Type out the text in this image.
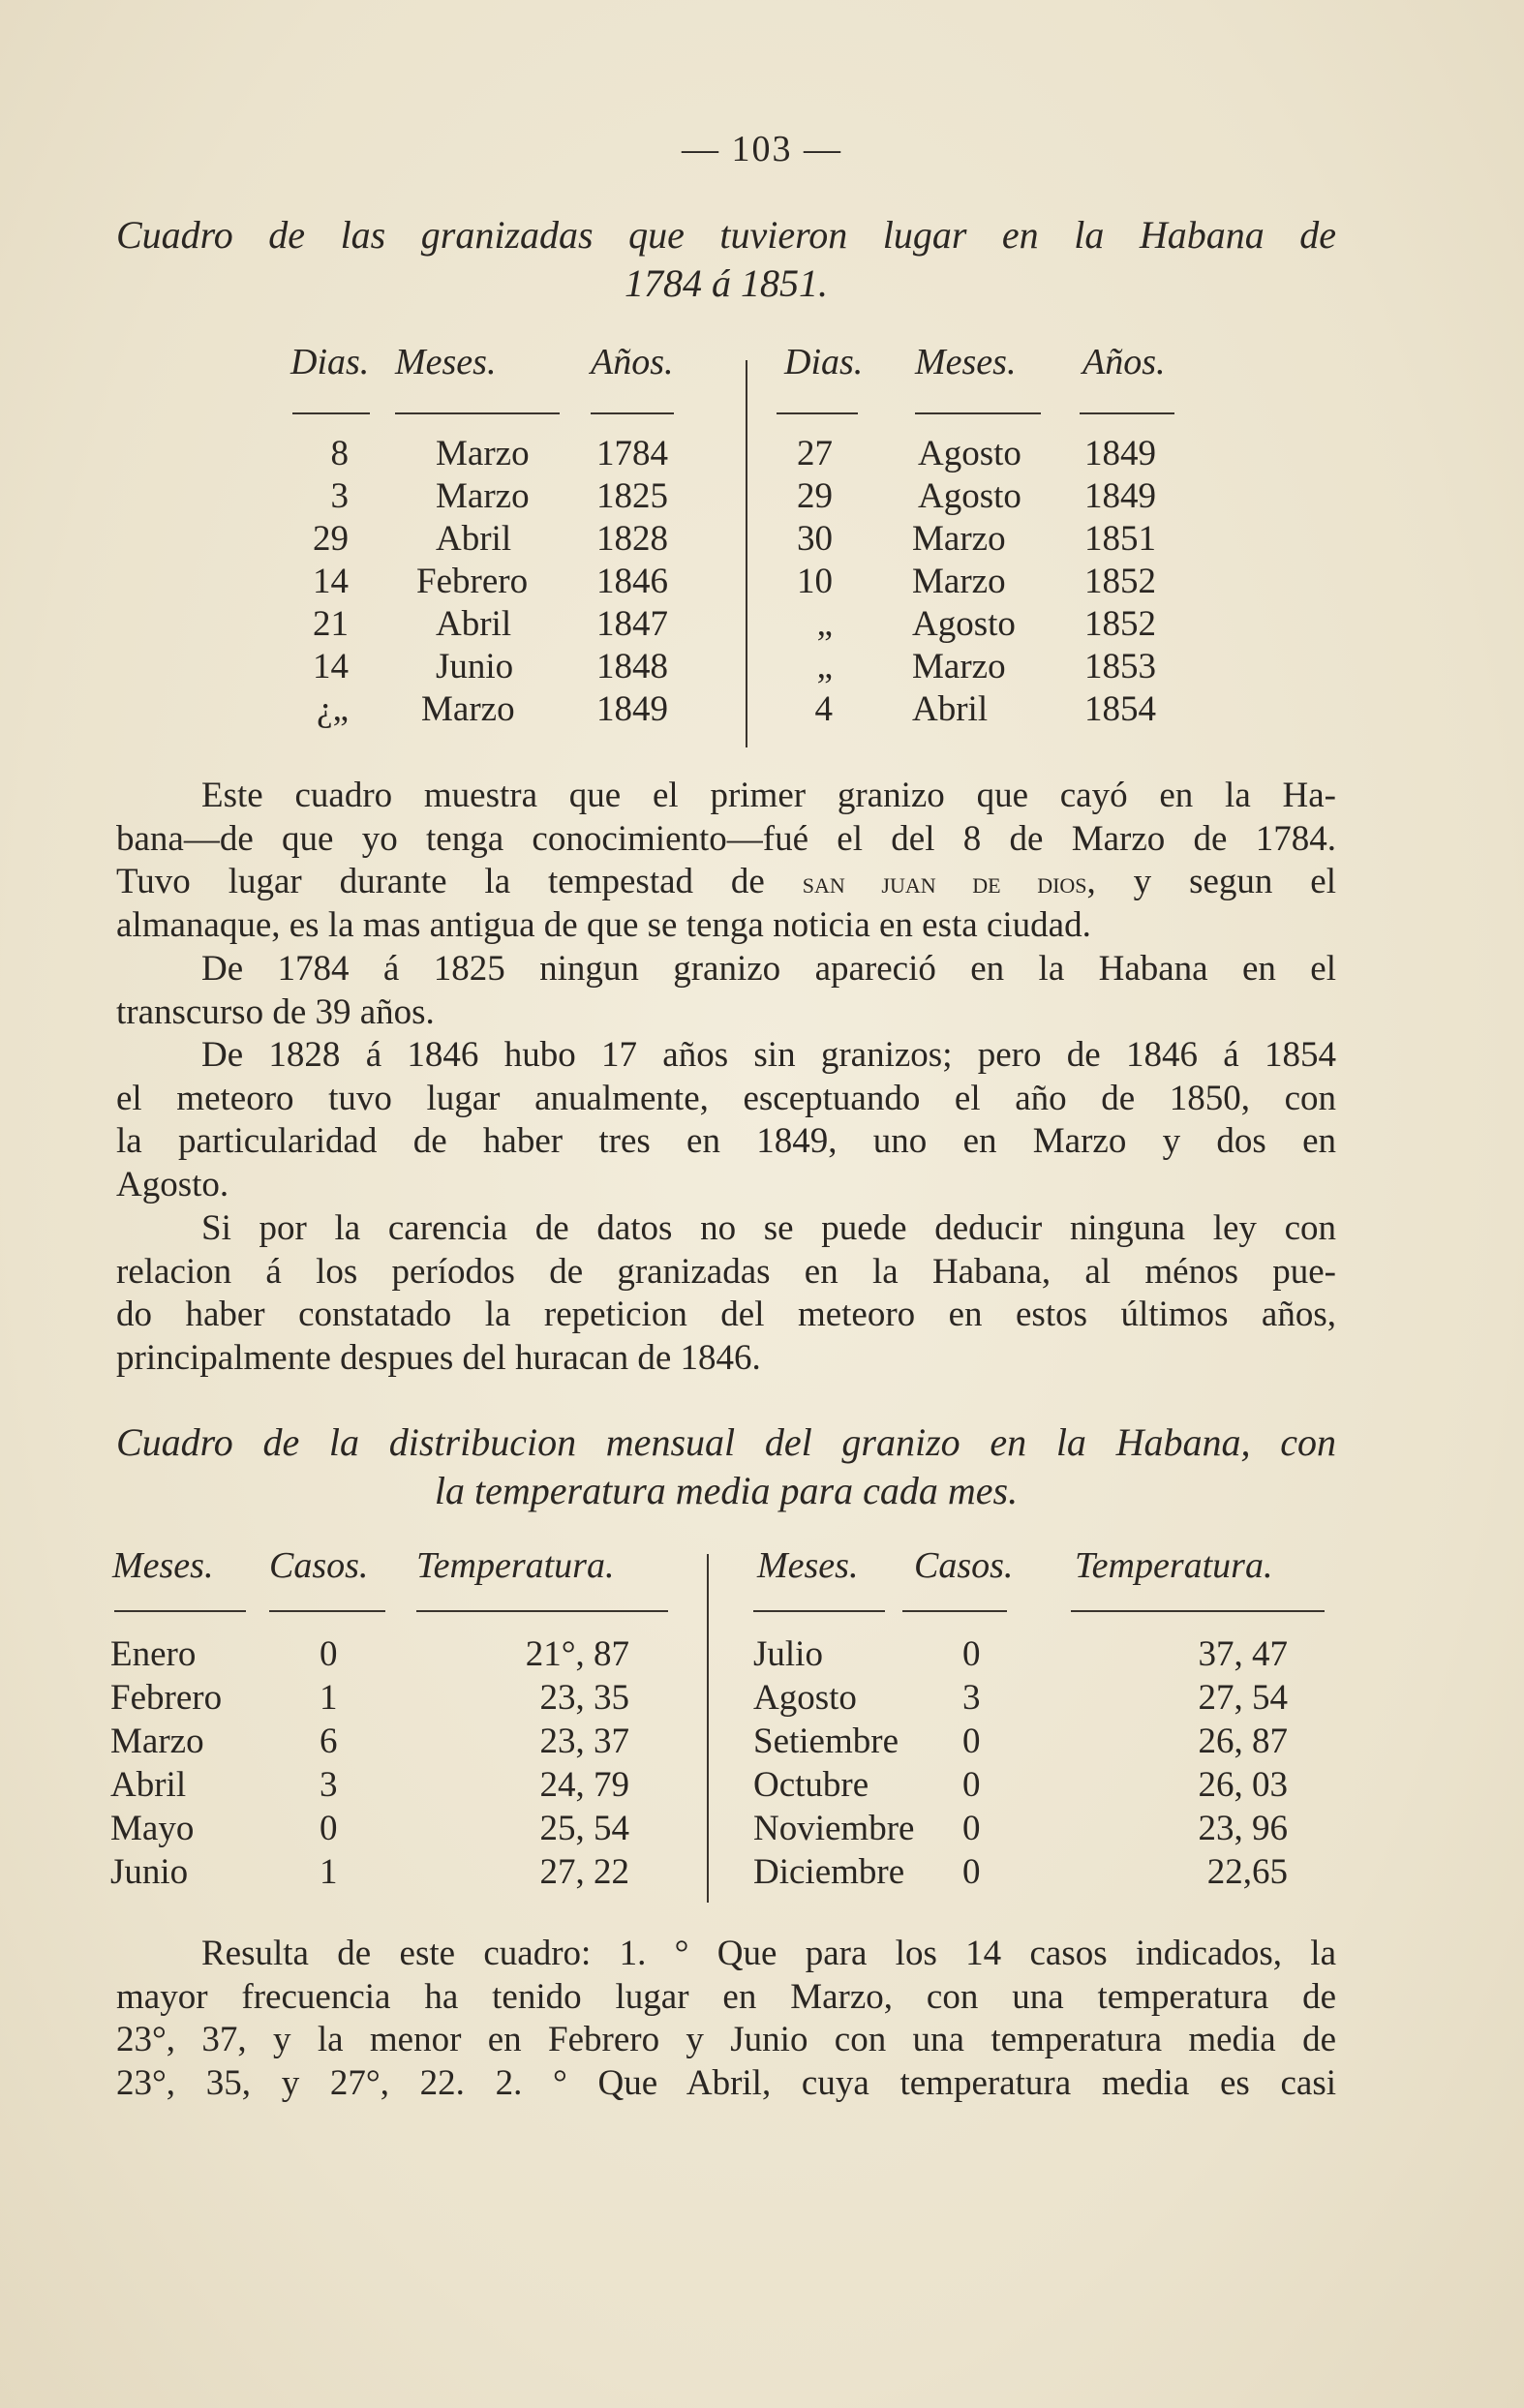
— 103 —
Cuadro de las granizadas que tuvieron lugar en la Habana de
1784 á 1851.
Dias. Meses.	Años.	Dias. Meses. Años.
8 Marzo 1784
3 Marzo 1825
29 Abril 1828
14 Febrero 1846
21 Abril 1847
14 Junio 1848
¿„ Marzo 1849
27 Agosto 1849
29 Agosto 1849
30 Marzo 1851
10 Marzo 1852
„ Agosto 1852
„ Marzo 1853
4 Abril	1854
Este cuadro muestra que el primer granizo que cayó en la Ha-
bana—de que yo tenga conocimiento—fué el del 8 de Marzo de 1784.
Tuvo lugar durante la tempestad de san juan de dios, y segun el
almanaque, es la mas antigua de que se tenga noticia en esta ciudad.
De 1784 á 1825 ningun granizo apareció en la Habana en el
transcurso de 39 años.
De 1828 á 1846 hubo 17 años sin granizos; pero de 1846 á 1854
el meteoro tuvo lugar anualmente, esceptuando el año de 1850, con
la particularidad de haber tres en 1849, uno en Marzo y dos en
Agosto.
Si por la carencia de datos no se puede deducir ninguna ley con
relacion á los períodos de granizadas en la Habana, al ménos pue-
do haber constatado la repeticion del meteoro en estos últimos años,
principalmente despues del huracan de 1846.
Cuadro de la distribucion mensual del granizo en la Habana, con
la temperatura media para cada mes.
Meses. Casos. Temperatura.	Meses. Casos. Temperatura.
Enero	0	21°, 87
Febrero	1	23, 35
Marzo	6	23, 37
Abril	3	24, 79
Mayo	0	25, 54
Junio	1	27, 22
Julio	0	37, 47
Agosto	3	27, 54
Setiembre 0	26, 87
Octubre	0	26, 03
Noviembre 0	23, 96
Diciembre 0	22,65
Resulta de este cuadro: 1. ° Que para los 14 casos indicados, la
mayor frecuencia ha tenido lugar en Marzo, con una temperatura de
23°, 37, y la menor en Febrero y Junio con una temperatura media de
23°, 35, y 27°, 22. 2. ° Que Abril, cuya temperatura media es casi
